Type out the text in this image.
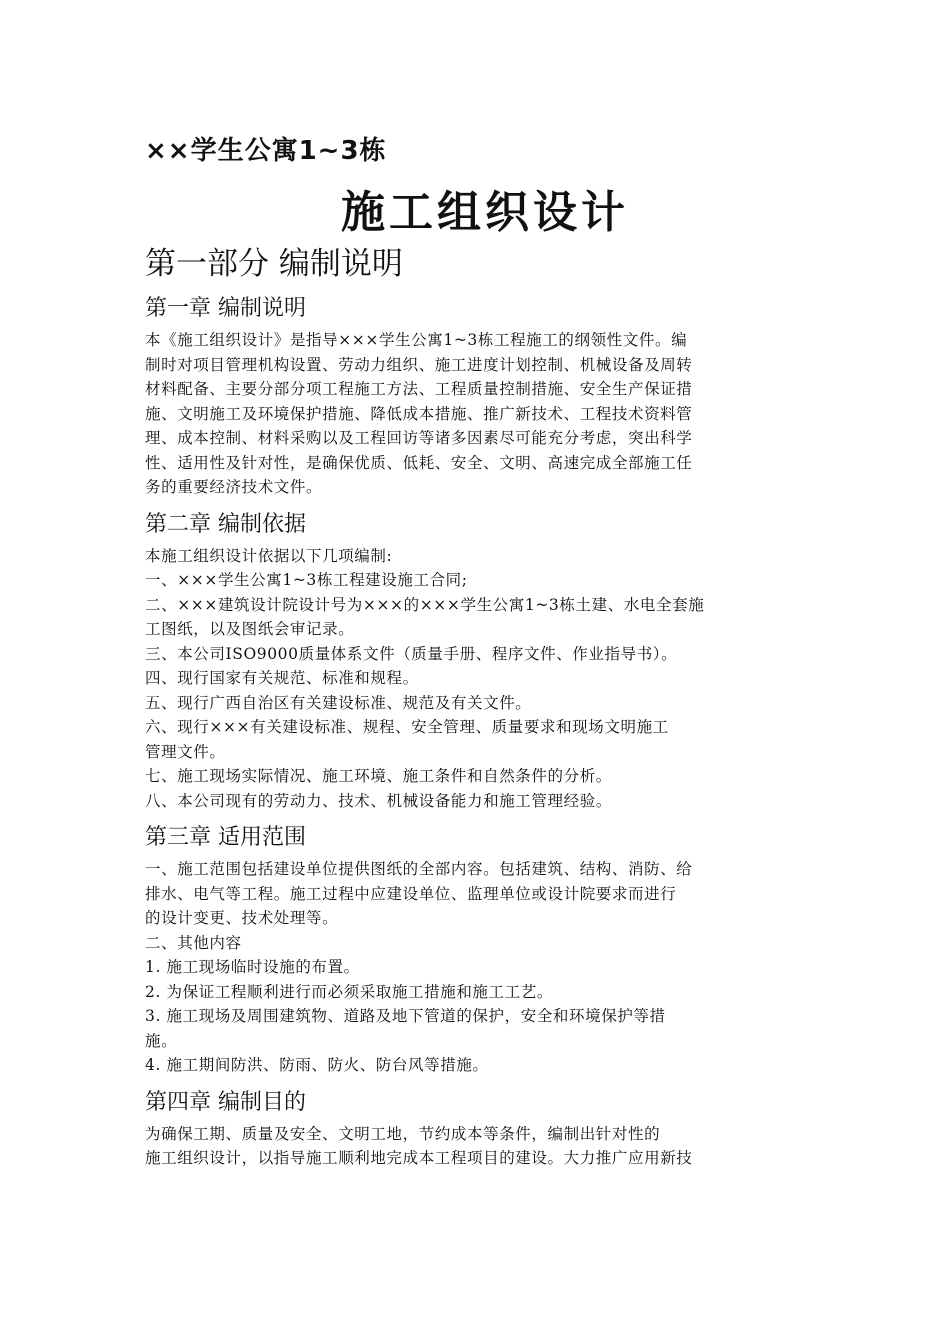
××学生公寓1~3栋
施工组织设计
第一部分 编制说明
第一章 编制说明
本《施工组织设计》是指导×××学生公寓1~3栋工程施工的纲领性文件。编
制时对项目管理机构设置、劳动力组织、施工进度计划控制、机械设备及周转
材料配备、主要分部分项工程施工方法、工程质量控制措施、安全生产保证措
施、文明施工及环境保护措施、降低成本措施、推广新技术、工程技术资料管
理、成本控制、材料采购以及工程回访等诸多因素尽可能充分考虑，突出科学
性、适用性及针对性，是确保优质、低耗、安全、文明、高速完成全部施工任
务的重要经济技术文件。
第二章 编制依据
本施工组织设计依据以下几项编制:
一、×××学生公寓1~3栋工程建设施工合同;
二、×××建筑设计院设计号为×××的×××学生公寓1~3栋土建、水电全套施
工图纸，以及图纸会审记录。
三、本公司ISO9000质量体系文件（质量手册、程序文件、作业指导书）。
四、现行国家有关规范、标准和规程。
五、现行广西自治区有关建设标准、规范及有关文件。
六、现行×××有关建设标准、规程、安全管理、质量要求和现场文明施工
管理文件。
七、施工现场实际情况、施工环境、施工条件和自然条件的分析。
八、本公司现有的劳动力、技术、机械设备能力和施工管理经验。
第三章 适用范围
一、施工范围包括建设单位提供图纸的全部内容。包括建筑、结构、消防、给
排水、电气等工程。施工过程中应建设单位、监理单位或设计院要求而进行
的设计变更、技术处理等。
二、其他内容
1. 施工现场临时设施的布置。
2. 为保证工程顺利进行而必须采取施工措施和施工工艺。
3. 施工现场及周围建筑物、道路及地下管道的保护，安全和环境保护等措
施。
4. 施工期间防洪、防雨、防火、防台风等措施。
第四章 编制目的
为确保工期、质量及安全、文明工地，节约成本等条件，编制出针对性的
施工组织设计，以指导施工顺利地完成本工程项目的建设。大力推广应用新技
